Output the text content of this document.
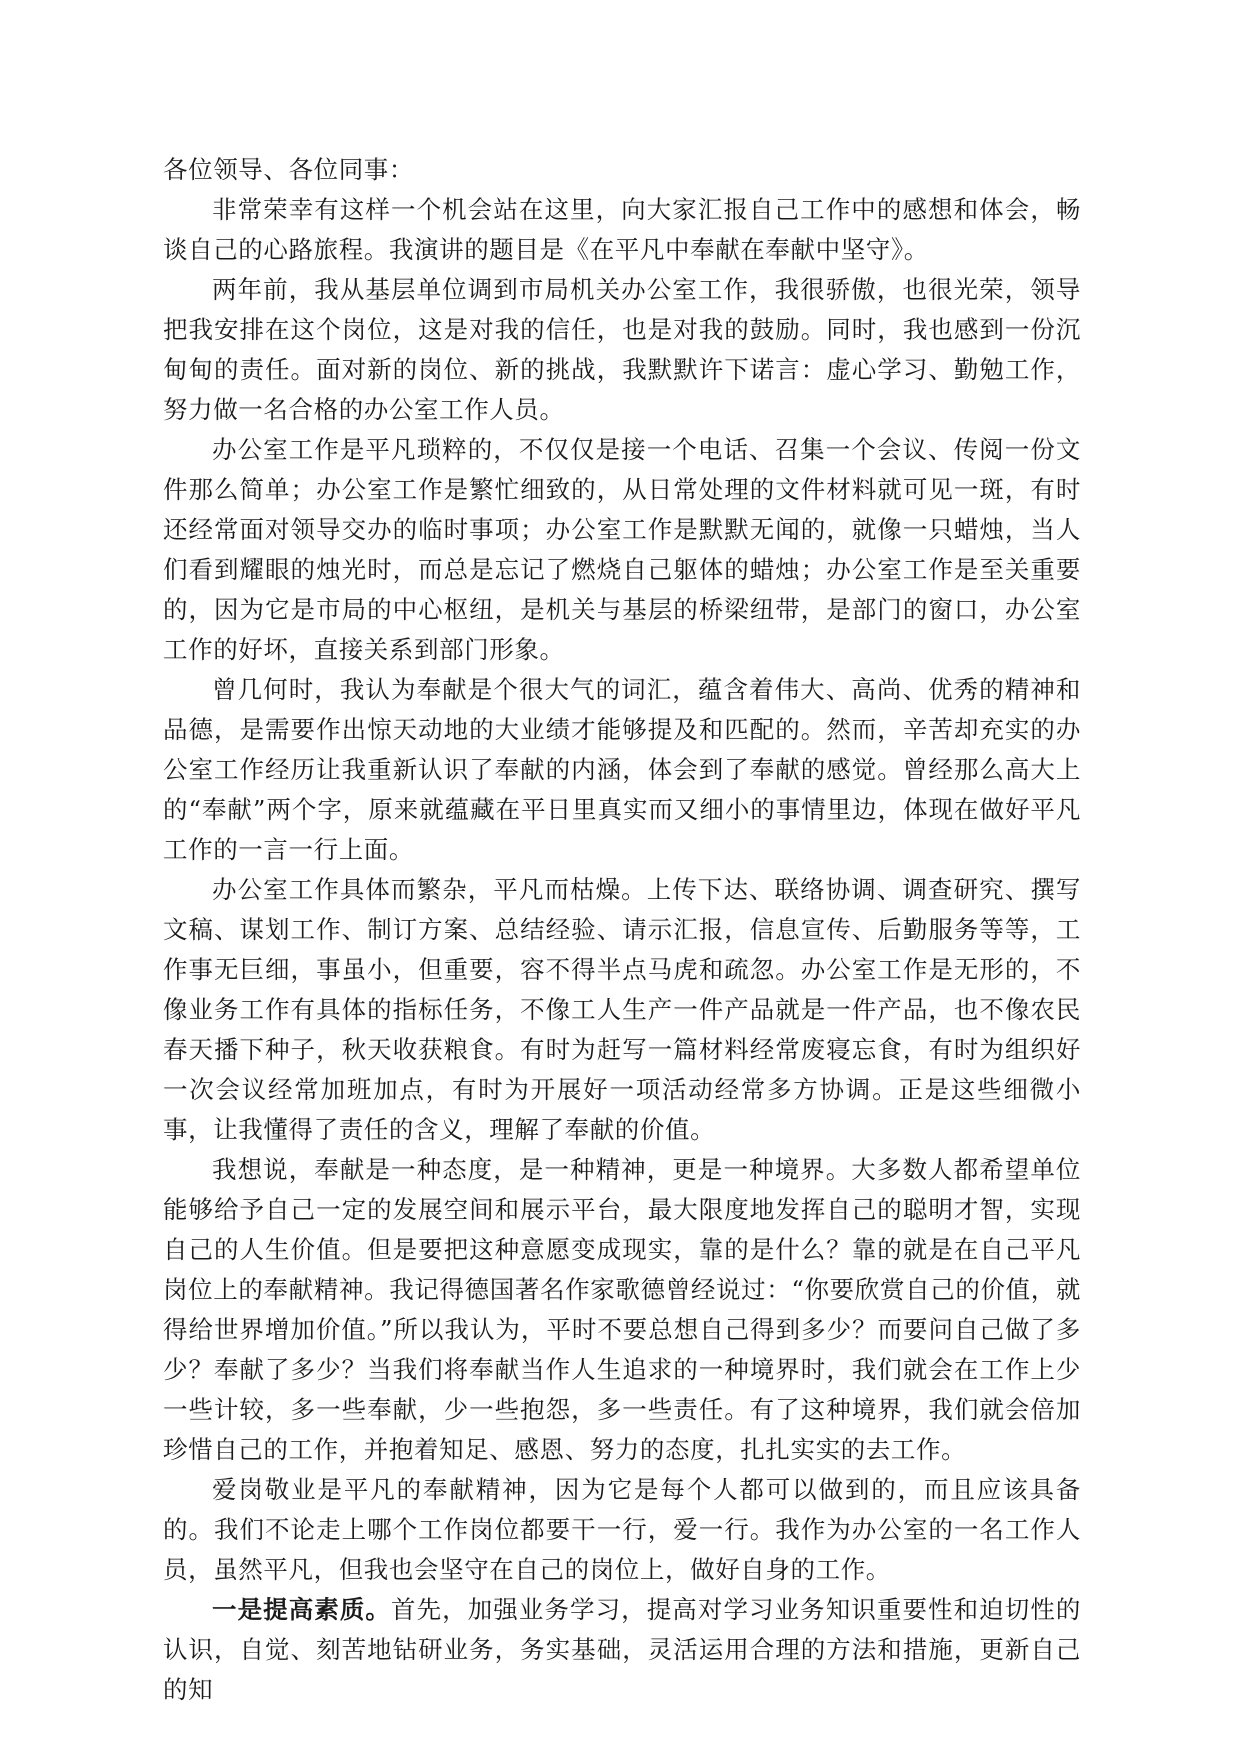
各位领导、各位同事：

非常荣幸有这样一个机会站在这里，向大家汇报自己工作中的感想和体会，畅谈自己的心路旅程。我演讲的题目是《在平凡中奉献在奉献中坚守》。

两年前，我从基层单位调到市局机关办公室工作，我很骄傲，也很光荣，领导把我安排在这个岗位，这是对我的信任，也是对我的鼓励。同时，我也感到一份沉甸甸的责任。面对新的岗位、新的挑战，我默默许下诺言：虚心学习、勤勉工作，努力做一名合格的办公室工作人员。

办公室工作是平凡琐粹的，不仅仅是接一个电话、召集一个会议、传阅一份文件那么简单；办公室工作是繁忙细致的，从日常处理的文件材料就可见一斑，有时还经常面对领导交办的临时事项；办公室工作是默默无闻的，就像一只蜡烛，当人们看到耀眼的烛光时，而总是忘记了燃烧自己躯体的蜡烛；办公室工作是至关重要的，因为它是市局的中心枢纽，是机关与基层的桥梁纽带，是部门的窗口，办公室工作的好坏，直接关系到部门形象。

曾几何时，我认为奉献是个很大气的词汇，蕴含着伟大、高尚、优秀的精神和品德，是需要作出惊天动地的大业绩才能够提及和匹配的。然而，辛苦却充实的办公室工作经历让我重新认识了奉献的内涵，体会到了奉献的感觉。曾经那么高大上的“奉献”两个字，原来就蕴藏在平日里真实而又细小的事情里边，体现在做好平凡工作的一言一行上面。

办公室工作具体而繁杂，平凡而枯燥。上传下达、联络协调、调查研究、撰写文稿、谋划工作、制订方案、总结经验、请示汇报，信息宣传、后勤服务等等，工作事无巨细，事虽小，但重要，容不得半点马虎和疏忽。办公室工作是无形的，不像业务工作有具体的指标任务，不像工人生产一件产品就是一件产品，也不像农民春天播下种子，秋天收获粮食。有时为赶写一篇材料经常废寝忘食，有时为组织好一次会议经常加班加点，有时为开展好一项活动经常多方协调。正是这些细微小事，让我懂得了责任的含义，理解了奉献的价值。

我想说，奉献是一种态度，是一种精神，更是一种境界。大多数人都希望单位能够给予自己一定的发展空间和展示平台，最大限度地发挥自己的聪明才智，实现自己的人生价值。但是要把这种意愿变成现实，靠的是什么？靠的就是在自己平凡岗位上的奉献精神。我记得德国著名作家歌德曾经说过：“你要欣赏自己的价值，就得给世界增加价值。”所以我认为，平时不要总想自己得到多少？而要问自己做了多少？奉献了多少？当我们将奉献当作人生追求的一种境界时，我们就会在工作上少一些计较，多一些奉献，少一些抱怨，多一些责任。有了这种境界，我们就会倍加珍惜自己的工作，并抱着知足、感恩、努力的态度，扎扎实实的去工作。

爱岗敬业是平凡的奉献精神，因为它是每个人都可以做到的，而且应该具备的。我们不论走上哪个工作岗位都要干一行，爱一行。我作为办公室的一名工作人员，虽然平凡，但我也会坚守在自己的岗位上，做好自身的工作。

一是提高素质。首先，加强业务学习，提高对学习业务知识重要性和迫切性的认识，自觉、刻苦地钻研业务，务实基础，灵活运用合理的方法和措施，更新自己的知
